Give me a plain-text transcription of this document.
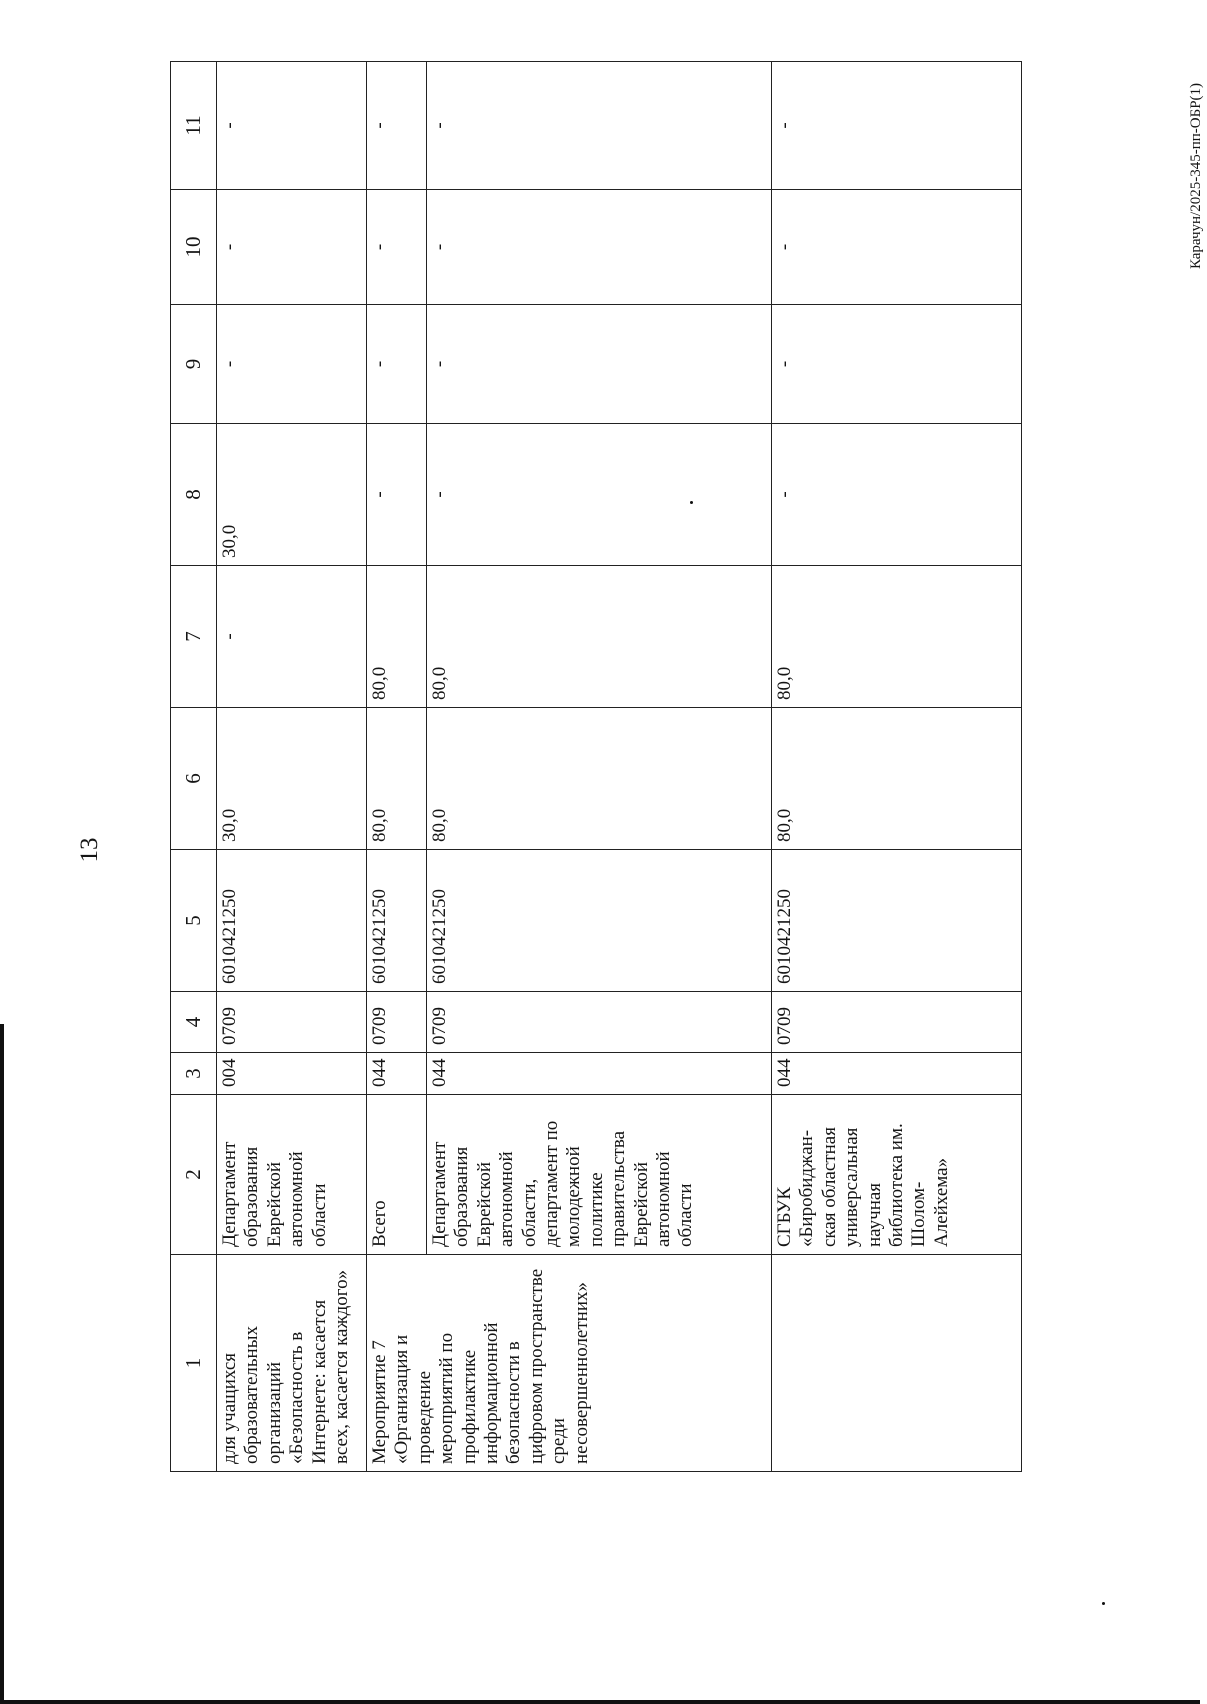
13
Карачун/2025-345-пп-ОБР(1)
1	2	3	4	5	6	7	8	9	10	11
для учащихся образовательных организаций «Безопасность в Интернете: касается всех, касается каждого»	Департамент образования Еврейской автономной области	004	0709	6010421250	30,0	-	30,0	-	-	-
Мероприятие 7 «Организация и проведение мероприятий по профилактике информационной безопасности в цифровом пространстве среди несовершеннолетних»	Всего	044	0709	6010421250	80,0	80,0	-	-	-	-
	Департамент образования Еврейской автономной области, департамент по молодежной политике правительства Еврейской автономной области	044	0709	6010421250	80,0	80,0	-	-	-	-
	СГБУК «Биробиджан-ская областная универсальная научная библиотека им. Шолом-Алейхема»	044	0709	6010421250	80,0	80,0	-	-	-	-
